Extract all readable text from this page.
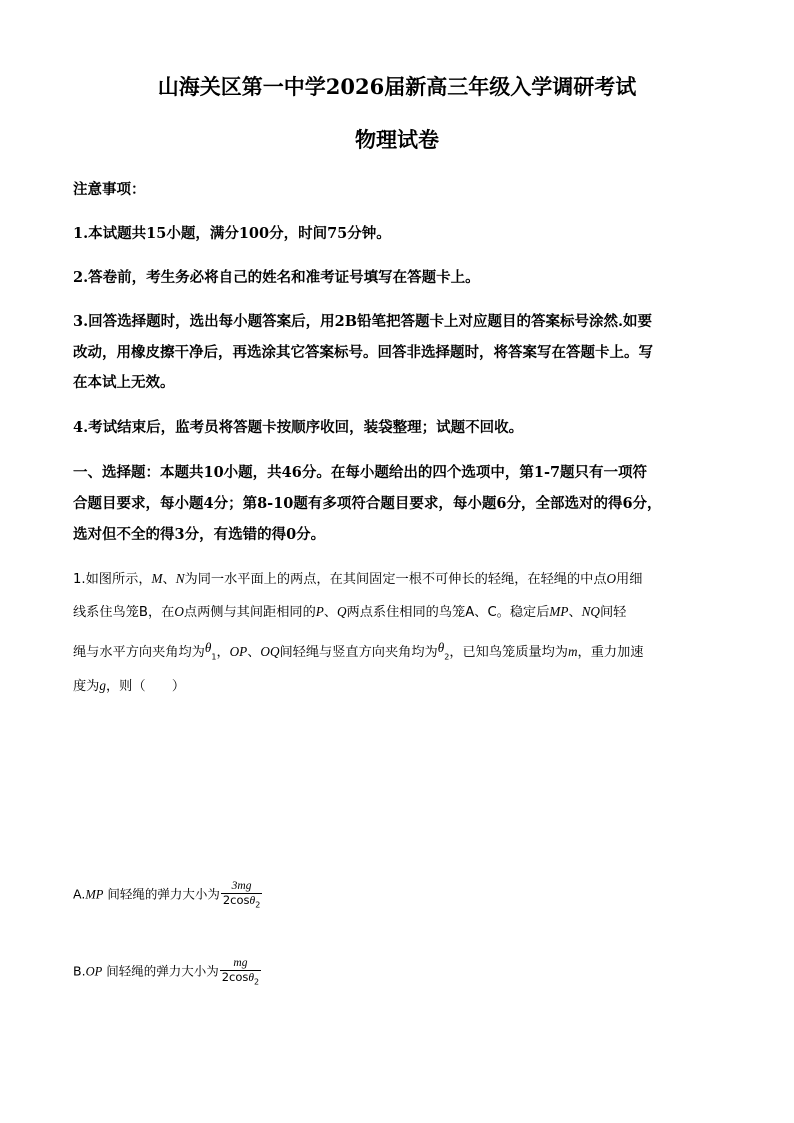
山海关区第一中学2026届新高三年级入学调研考试
物理试卷
注意事项：
1.本试题共15小题，满分100分，时间75分钟。
2.答卷前，考生务必将自己的姓名和准考证号填写在答题卡上。
3.回答选择题时，选出每小题答案后，用2B铅笔把答题卡上对应题目的答案标号涂然.如要
改动，用橡皮擦干净后，再选涂其它答案标号。回答非选择题时，将答案写在答题卡上。写
在本试上无效。
4.考试结束后，监考员将答题卡按顺序收回，装袋整理；试题不回收。
一、选择题：本题共10小题，共46分。在每小题给出的四个选项中，第1-7题只有一项符
合题目要求，每小题4分；第8-10题有多项符合题目要求，每小题6分，全部选对的得6分，
选对但不全的得3分，有选错的得0分。
1.如图所示，M、N为同一水平面上的两点，在其间固定一根不可伸长的轻绳，在轻绳的中点O用细
线系住鸟笼B，在O点两侧与其间距相同的P、Q两点系住相同的鸟笼A、C。稳定后MP、NQ间轻
绳与水平方向夹角均为$\theta_1$，OP、OQ间轻绳与竖直方向夹角均为$\theta_2$，已知鸟笼质量均为m，重力加速
度为g，则（　　）
A.MP 间轻绳的弹力大小为 $\frac{3mg}{2\cos\theta_2}$
B.OP 间轻绳的弹力大小为 $\frac{mg}{2\cos\theta_2}$
